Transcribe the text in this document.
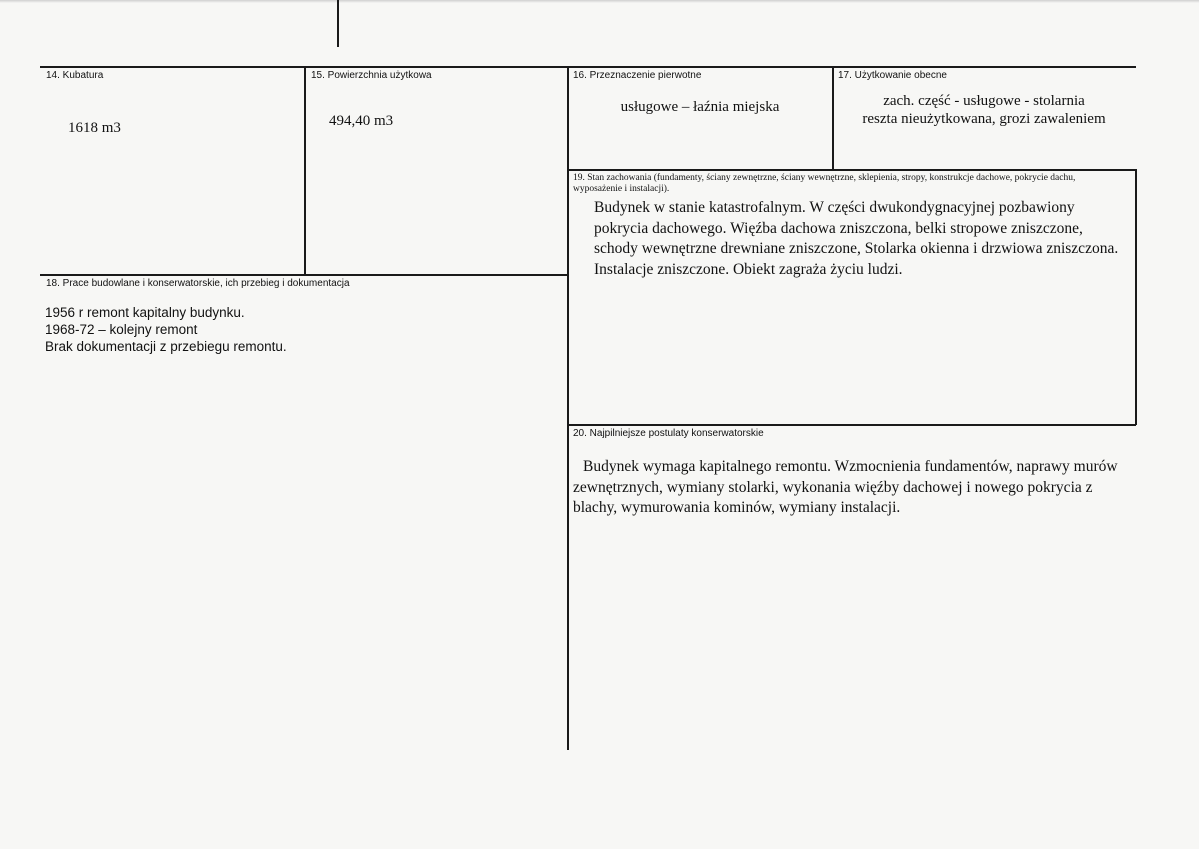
14. Kubatura
1618 m3
15. Powierzchnia użytkowa
494,40 m3
16. Przeznaczenie pierwotne
usługowe – łaźnia miejska
17. Użytkowanie obecne
zach. część - usługowe - stolarnia
reszta nieużytkowana, grozi zawaleniem
18. Prace budowlane i konserwatorskie, ich przebieg i dokumentacja
1956 r remont kapitalny budynku.
1968-72 – kolejny remont
Brak dokumentacji z przebiegu remontu.
19. Stan zachowania (fundamenty, ściany zewnętrzne, ściany wewnętrzne, sklepienia, stropy, konstrukcje dachowe, pokrycie dachu, wyposażenie i instalacji).
Budynek w stanie katastrofalnym. W części dwukondygnacyjnej pozbawiony pokrycia dachowego. Więźba dachowa zniszczona, belki stropowe zniszczone, schody wewnętrzne drewniane zniszczone, Stolarka okienna i drzwiowa zniszczona. Instalacje zniszczone. Obiekt zagraża życiu ludzi.
20. Najpilniejsze postulaty konserwatorskie
Budynek wymaga kapitalnego remontu. Wzmocnienia fundamentów, naprawy murów zewnętrznych, wymiany stolarki, wykonania więźby dachowej i nowego pokrycia z blachy, wymurowania kominów, wymiany instalacji.
